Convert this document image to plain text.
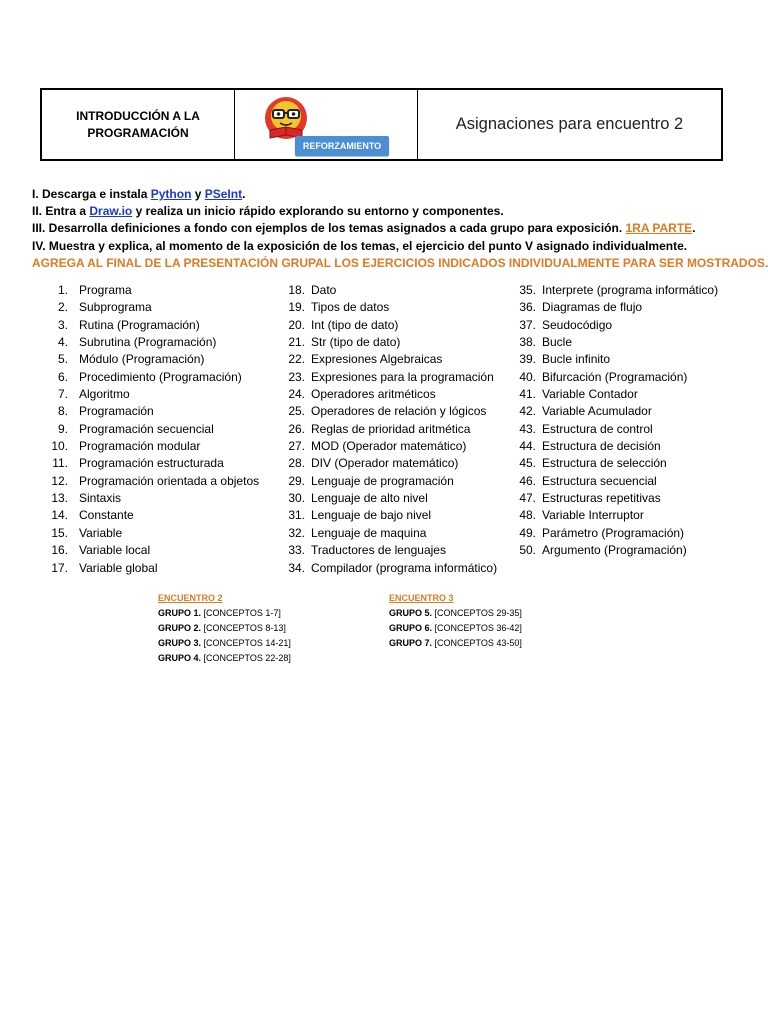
INTRODUCCIÓN A LA
PROGRAMACIÓN
REFORZAMIENTO
Asignaciones para encuentro 2
I. Descarga e instala Python y PSeInt.
II. Entra a Draw.io y realiza un inicio rápido explorando su entorno y componentes.
III. Desarrolla definiciones a fondo con ejemplos de los temas asignados a cada grupo para exposición. 1RA PARTE.
IV. Muestra y explica, al momento de la exposición de los temas, el ejercicio del punto V asignado individualmente.
AGREGA AL FINAL DE LA PRESENTACIÓN GRUPAL LOS EJERCICIOS INDICADOS INDIVIDUALMENTE PARA SER MOSTRADOS.
1. Programa
2. Subprograma
3. Rutina (Programación)
4. Subrutina (Programación)
5. Módulo (Programación)
6. Procedimiento (Programación)
7. Algoritmo
8. Programación
9. Programación secuencial
10. Programación modular
11. Programación estructurada
12. Programación orientada a objetos
13. Sintaxis
14. Constante
15. Variable
16. Variable local
17. Variable global
18. Dato
19. Tipos de datos
20. Int (tipo de dato)
21. Str (tipo de dato)
22. Expresiones Algebraicas
23. Expresiones para la programación
24. Operadores aritméticos
25. Operadores de relación y lógicos
26. Reglas de prioridad aritmética
27. MOD (Operador matemático)
28. DIV (Operador matemático)
29. Lenguaje de programación
30. Lenguaje de alto nivel
31. Lenguaje de bajo nivel
32. Lenguaje de maquina
33. Traductores de lenguajes
34. Compilador (programa informático)
35. Interprete (programa informático)
36. Diagramas de flujo
37. Seudocódigo
38. Bucle
39. Bucle infinito
40. Bifurcación (Programación)
41. Variable Contador
42. Variable Acumulador
43. Estructura de control
44. Estructura de decisión
45. Estructura de selección
46. Estructura secuencial
47. Estructuras repetitivas
48. Variable Interruptor
49. Parámetro (Programación)
50. Argumento (Programación)
ENCUENTRO 2
GRUPO 1. [CONCEPTOS 1-7]
GRUPO 2. [CONCEPTOS 8-13]
GRUPO 3. [CONCEPTOS 14-21]
GRUPO 4. [CONCEPTOS 22-28]
ENCUENTRO 3
GRUPO 5. [CONCEPTOS 29-35]
GRUPO 6. [CONCEPTOS 36-42]
GRUPO 7. [CONCEPTOS 43-50]
